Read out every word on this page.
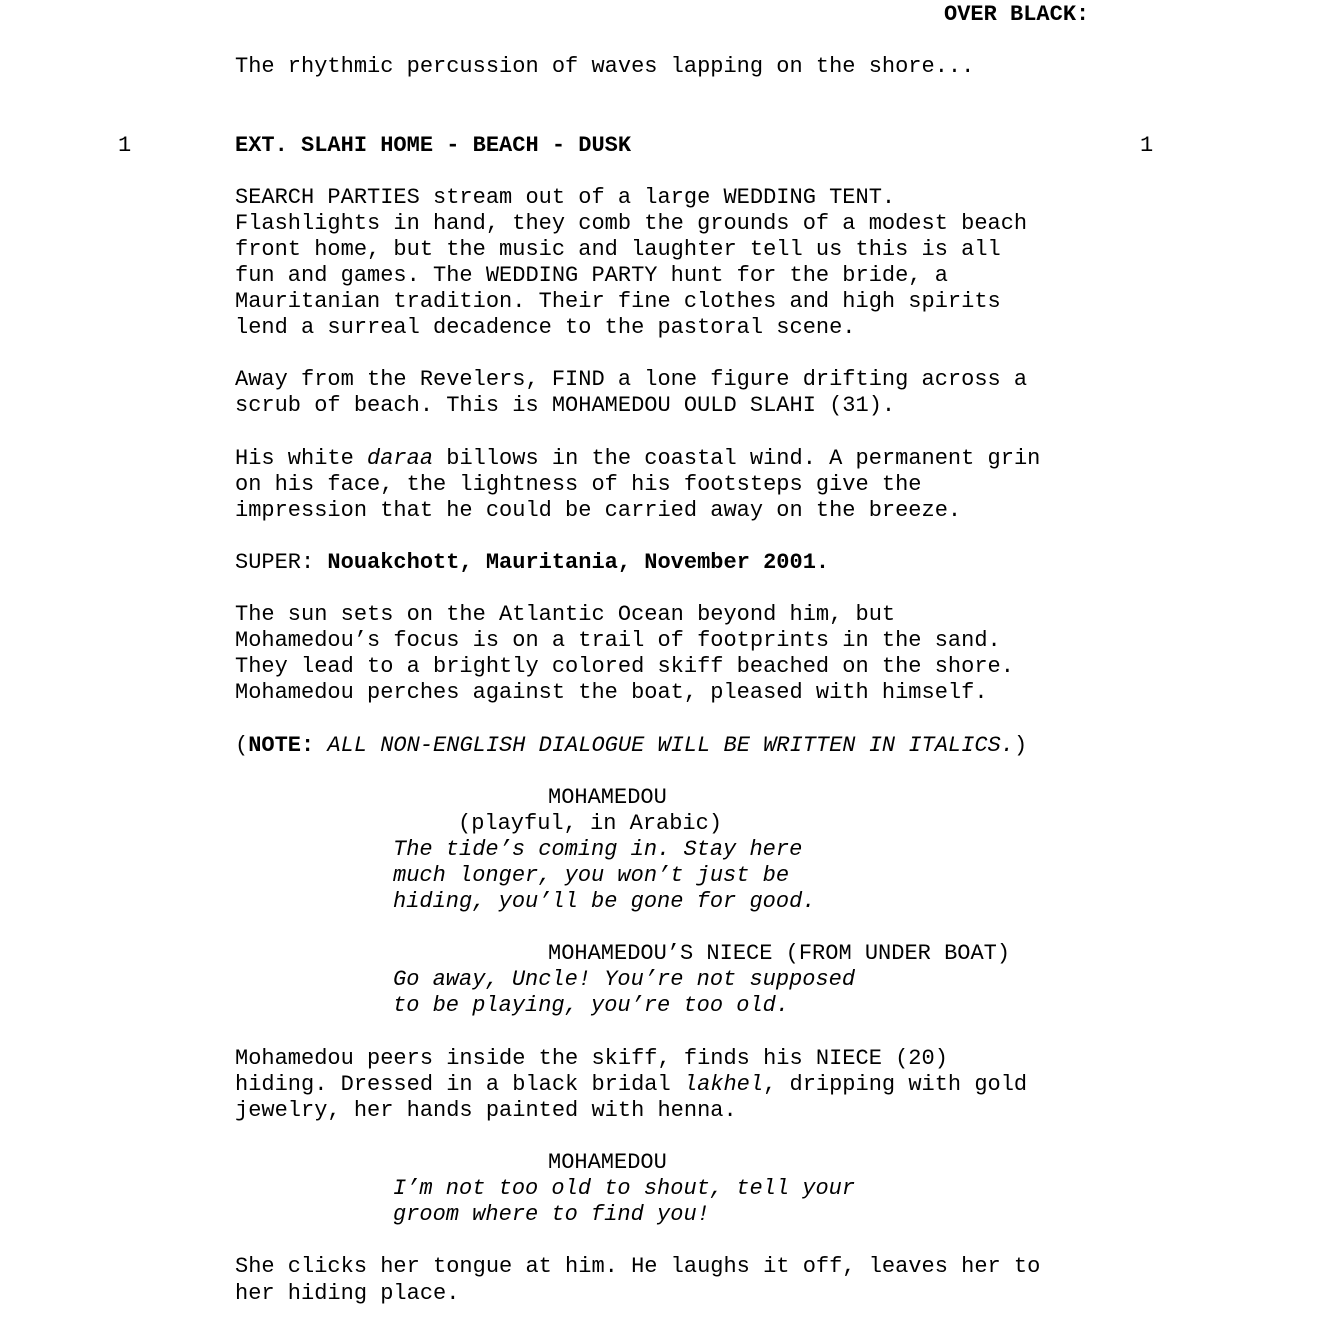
OVER BLACK:
The rhythmic percussion of waves lapping on the shore...
1	EXT. SLAHI HOME - BEACH - DUSK	1
SEARCH PARTIES stream out of a large WEDDING TENT.
Flashlights in hand, they comb the grounds of a modest beach
front home, but the music and laughter tell us this is all
fun and games. The WEDDING PARTY hunt for the bride, a
Mauritanian tradition. Their fine clothes and high spirits
lend a surreal decadence to the pastoral scene.
Away from the Revelers, FIND a lone figure drifting across a
scrub of beach. This is MOHAMEDOU OULD SLAHI (31).
His white daraa billows in the coastal wind. A permanent grin
on his face, the lightness of his footsteps give the
impression that he could be carried away on the breeze.
SUPER: Nouakchott, Mauritania, November 2001.
The sun sets on the Atlantic Ocean beyond him, but
Mohamedou’s focus is on a trail of footprints in the sand.
They lead to a brightly colored skiff beached on the shore.
Mohamedou perches against the boat, pleased with himself.
(NOTE: ALL NON-ENGLISH DIALOGUE WILL BE WRITTEN IN ITALICS.)
MOHAMEDOU
(playful, in Arabic)
The tide’s coming in. Stay here
much longer, you won’t just be
hiding, you’ll be gone for good.
MOHAMEDOU’S NIECE (FROM UNDER BOAT)
Go away, Uncle! You’re not supposed
to be playing, you’re too old.
Mohamedou peers inside the skiff, finds his NIECE (20)
hiding. Dressed in a black bridal lakhel, dripping with gold
jewelry, her hands painted with henna.
MOHAMEDOU
I’m not too old to shout, tell your
groom where to find you!
She clicks her tongue at him. He laughs it off, leaves her to
her hiding place.
